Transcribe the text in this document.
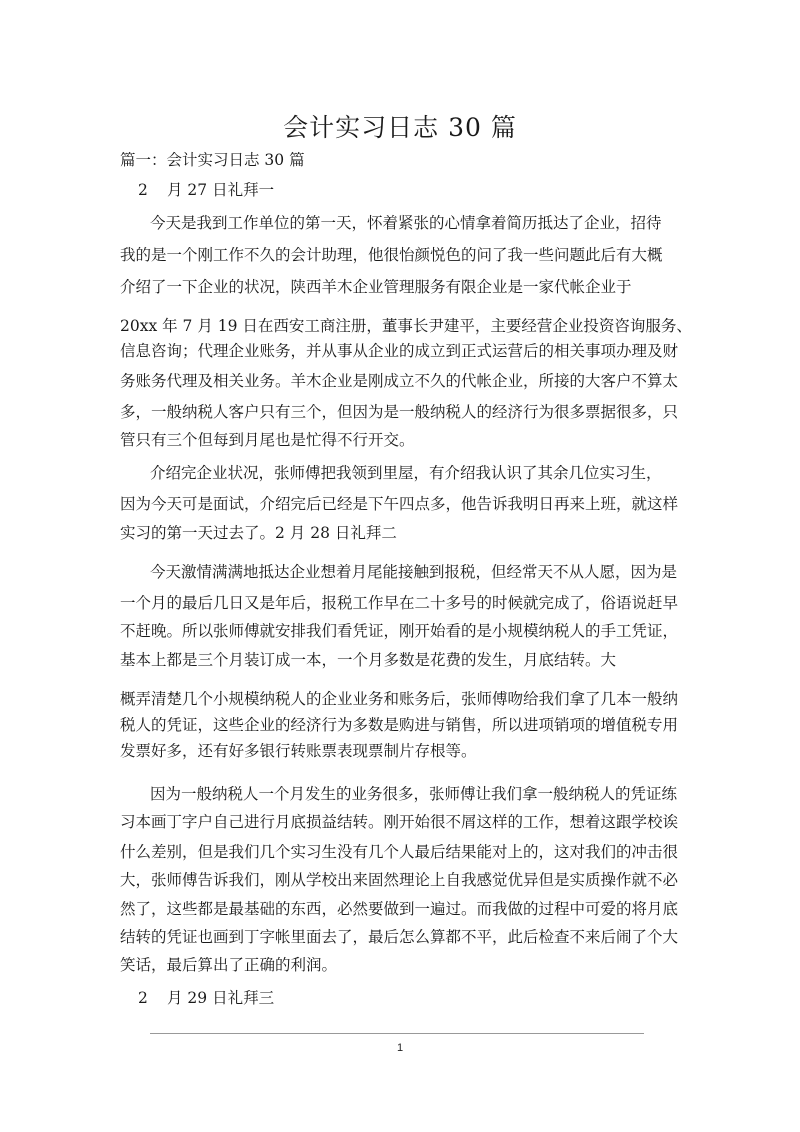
会计实习日志 30 篇
篇一：会计实习日志 30 篇
2 月 27 日礼拜一
今天是我到工作单位的第一天，怀着紧张的心情拿着简历抵达了企业，招待
我的是一个刚工作不久的会计助理，他很怡颜悦色的问了我一些问题此后有大概
介绍了一下企业的状况，陕西羊木企业管理服务有限企业是一家代帐企业于
20xx 年 7 月 19 日在西安工商注册，董事长尹建平，主要经营企业投资咨询服务、
信息咨询；代理企业账务，并从事从企业的成立到正式运营后的相关事项办理及财
务账务代理及相关业务。羊木企业是刚成立不久的代帐企业，所接的大客户不算太
多，一般纳税人客户只有三个，但因为是一般纳税人的经济行为很多票据很多，只
管只有三个但每到月尾也是忙得不行开交。
介绍完企业状况，张师傅把我领到里屋，有介绍我认识了其余几位实习生，
因为今天可是面试，介绍完后已经是下午四点多，他告诉我明日再来上班，就这样
实习的第一天过去了。2 月 28 日礼拜二
今天激情满满地抵达企业想着月尾能接触到报税，但经常天不从人愿，因为是
一个月的最后几日又是年后，报税工作早在二十多号的时候就完成了，俗语说赶早
不赶晚。所以张师傅就安排我们看凭证，刚开始看的是小规模纳税人的手工凭证，
基本上都是三个月装订成一本，一个月多数是花费的发生，月底结转。大
概弄清楚几个小规模纳税人的企业业务和账务后，张师傅吻给我们拿了几本一般纳
税人的凭证，这些企业的经济行为多数是购进与销售，所以进项销项的增值税专用
发票好多，还有好多银行转账票表现票制片存根等。
因为一般纳税人一个月发生的业务很多，张师傅让我们拿一般纳税人的凭证练
习本画丁字户自己进行月底损益结转。刚开始很不屑这样的工作，想着这跟学校诶
什么差别，但是我们几个实习生没有几个人最后结果能对上的，这对我们的冲击很
大，张师傅告诉我们，刚从学校出来固然理论上自我感觉优异但是实质操作就不必
然了，这些都是最基础的东西，必然要做到一遍过。而我做的过程中可爱的将月底
结转的凭证也画到丁字帐里面去了，最后怎么算都不平，此后检查不来后闹了个大
笑话，最后算出了正确的利润。
2 月 29 日礼拜三
1
